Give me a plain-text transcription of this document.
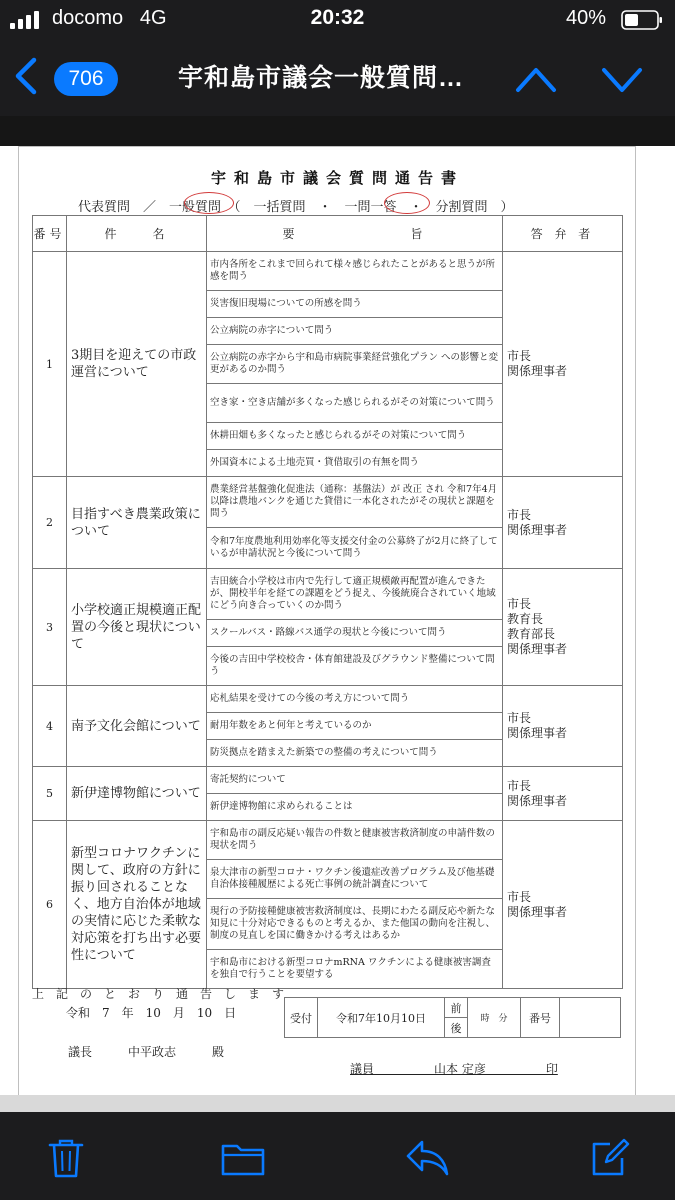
docomo 4G	20:32	40%
706	宇和島市議会一般質問…
宇和島市議会質問通告書
代表質問　／　一般質問　（　一括質問　・　一問一答　・　分割質問　）
番号	件　　名	要　　　　　　　旨	答 弁 者
1	3期目を迎えての市政運営について	市内各所をこれまで回られて様々感じられたことがあると思うが所感を問う	市長
関係理事者
		災害復旧現場についての所感を問う	
		公立病院の赤字について問う	
		公立病院の赤字から宇和島市病院事業経営強化プラン への影響と変更があるのか問う	
		空き家・空き店舗が多くなった感じられるがその対策について問う	
		休耕田畑も多くなったと感じられるがその対策について問う	
		外国資本による土地売買・貸借取引の有無を問う	
2	目指すべき農業政策について	農業経営基盤強化促進法（通称：基盤法）が 改正 され 令和7年4月以降は農地バンクを通じた貸借に一本化されたがその現状と課題を問う	市長
関係理事者
		令和7年度農地利用効率化等支援交付金の公募終了が2月に終了しているが申請状況と今後について問う	
3	小学校適正規模適正配置の今後と現状について	吉田統合小学校は市内で先行して適正規模敵再配置が進んできたが、開校半年を経ての課題をどう捉え、今後統廃合されていく地域にどう向き合っていくのか問う	市長
教育長
教育部長
関係理事者
		スクールバス・路線バス通学の現状と今後について問う	
		今後の吉田中学校校舎・体育館建設及びグラウンド整備について問う	
4	南予文化会館について	応札結果を受けての今後の考え方について問う	市長
関係理事者
		耐用年数をあと何年と考えているのか	
		防災拠点を踏まえた新築での整備の考えについて問う	
5	新伊達博物館について	寄託契約について	市長
関係理事者
		新伊達博物館に求められることは	
6	新型コロナワクチンに関して、政府の方針に振り回されることなく、地方自治体が地域の実情に応じた柔軟な対応策を打ち出す必要性について	宇和島市の副反応疑い報告の件数と健康被害救済制度の申請件数の現状を問う	市長
関係理事者
		泉大津市の新型コロナ・ワクチン後遺症改善プログラム及び他基礎自治体接種履歴による死亡事例の統計調査について	
		現行の予防接種健康被害救済制度は、長期にわたる副反応や新たな知見に十分対応できるものと考えるか、また他国の動向を注視し、制度の見直しを国に働きかける考えはあるか	
		宇和島市における新型コロナmRNA ワクチンによる健康被害調査を独自で行うことを要望する	
上　記　の　と　お　り　通　告　し　ま　す
令和　7　年　10　月　10　日	受付	令和7年10月10日	前	時　分	番号	
後
議長　　　中平政志　　　殿
議員　　　　　山本 定彦　　　　　印
